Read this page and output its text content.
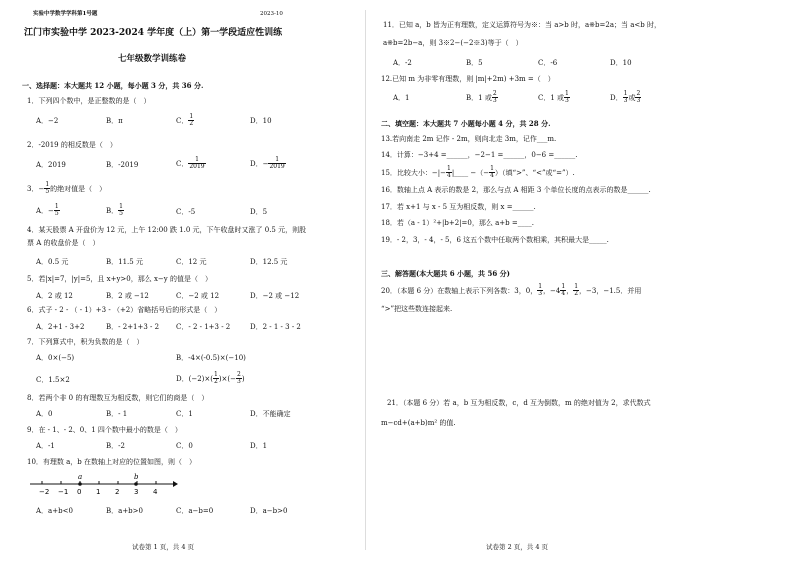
实验中学数学学科第1号题	2023-10
江门市实验中学 2023-2024 学年度（上）第一学段适应性训练
七年级数学训练卷
一、选择题：本大题共 12 小题，每小题 3 分，共 36 分.
1．下列四个数中，是正整数的是（　）
A．−2	B．π	C． $\frac{1}{2}$	D．10
2．-2019 的相反数是（　）
A．2019	B．-2019	C． $\frac{1}{2019}$	D．− $\frac{1}{2019}$
3．− $\frac{1}{5}$ 的绝对值是（　）
A．− $\frac{1}{5}$	B． $\frac{1}{5}$	C．-5	D．5
4．某天股票 A 开盘价为 12 元，上午 12:00 跌 1.0 元，下午收盘时又涨了 0.5 元，则股
票 A 的收盘价是（　）
A．0.5 元	B．11.5 元	C．12 元	D．12.5 元
5．若|x|=7，|y|=5，且 x+y>0，那么 x−y 的值是（　）
A．2 或 12	B．2 或 −12	C．−2 或 12	D．−2 或 −12
6．式子 - 2 - （ - 1）+3 - （+2）省略括号后的形式是（　）
A．2+1 - 3+2	B．- 2+1+3 - 2 C．- 2 - 1+3 - 2	D．2 - 1 - 3 - 2
7．下列算式中，积为负数的是（　）
A．0×(−5)	B．-4×(-0.5)×(−10)
C．1.5×2	D．$(-2)\times( \frac{1}{2}$ )×(− $\frac{2}{3}$ )
8．若两个非 0 的有理数互为相反数，则它们的商是（　）
A．0	B．- 1	C．1	D．不能确定
9．在 - 1、- 2、0、1 四个数中最小的数是（　）
A．-1	B．-2	C．0	D．1
10．有理数 a，b 在数轴上对应的位置如图，则（　）
−2 −1 0 1 2 3 4
a	b
A．a+b<0	B．a+b>0	C．a−b=0	D．a−b>0
试卷第 1 页，共 4 页
11．已知 a，b 皆为正有理数，定义运算符号为※：当 a>b 时，a※b=2a；当 a<b 时，
a※b=2b−a，则 3※2−(−2※3)等于（　）
A．-2	B．5	C．-6	D．10
12.已知 m 为非零有理数，则 |m|+2m) +3m =（　）
A．1	B．1 或 $\frac{2}{3}$	C．1 或 $\frac{1}{3}$	D． $\frac{1}{3}$ 或 $\frac{2}{3}$
二、填空题：本大题共 7 小题每小题 4 分，共 28 分.
13.若向南走 2m 记作 - 2m，则向北走 3m，记作___m.
14．计算：−3+4 =______，−2−1 =______，0−6 =______.
15．比较大小：−|− $\frac{1}{4}$ |____ −（− $\frac{1}{4}$ ）（填“>”、“<”或“=”）.
16．数轴上点 A 表示的数是 2，那么与点 A 相距 3 个单位长度的点表示的数是______.
17．若 x+1 与 x - 5 互为相反数，则 x =______.
18．若（a - 1）²+|b+2|=0，那么 a+b =____.
19．- 2，3，- 4，- 5，6 这五个数中任取两个数相乘，其积最大是_____.
三、解答题(本大题共 6 小题，共 56 分)
20．（本题 6 分）在数轴上表示下列各数：3，0， $\frac{1}{3}$ ，$-4 \frac{1}{4}$ ， $\frac{1}{2}$ ，−3，−1.5．并用
“>”把这些数连接起来.
21．（本题 6 分）若 a，b 互为相反数，c，d 互为倒数，m 的绝对值为 2，求代数式
m−cd+(a+b)m² 的值.
试卷第 2 页，共 4 页
